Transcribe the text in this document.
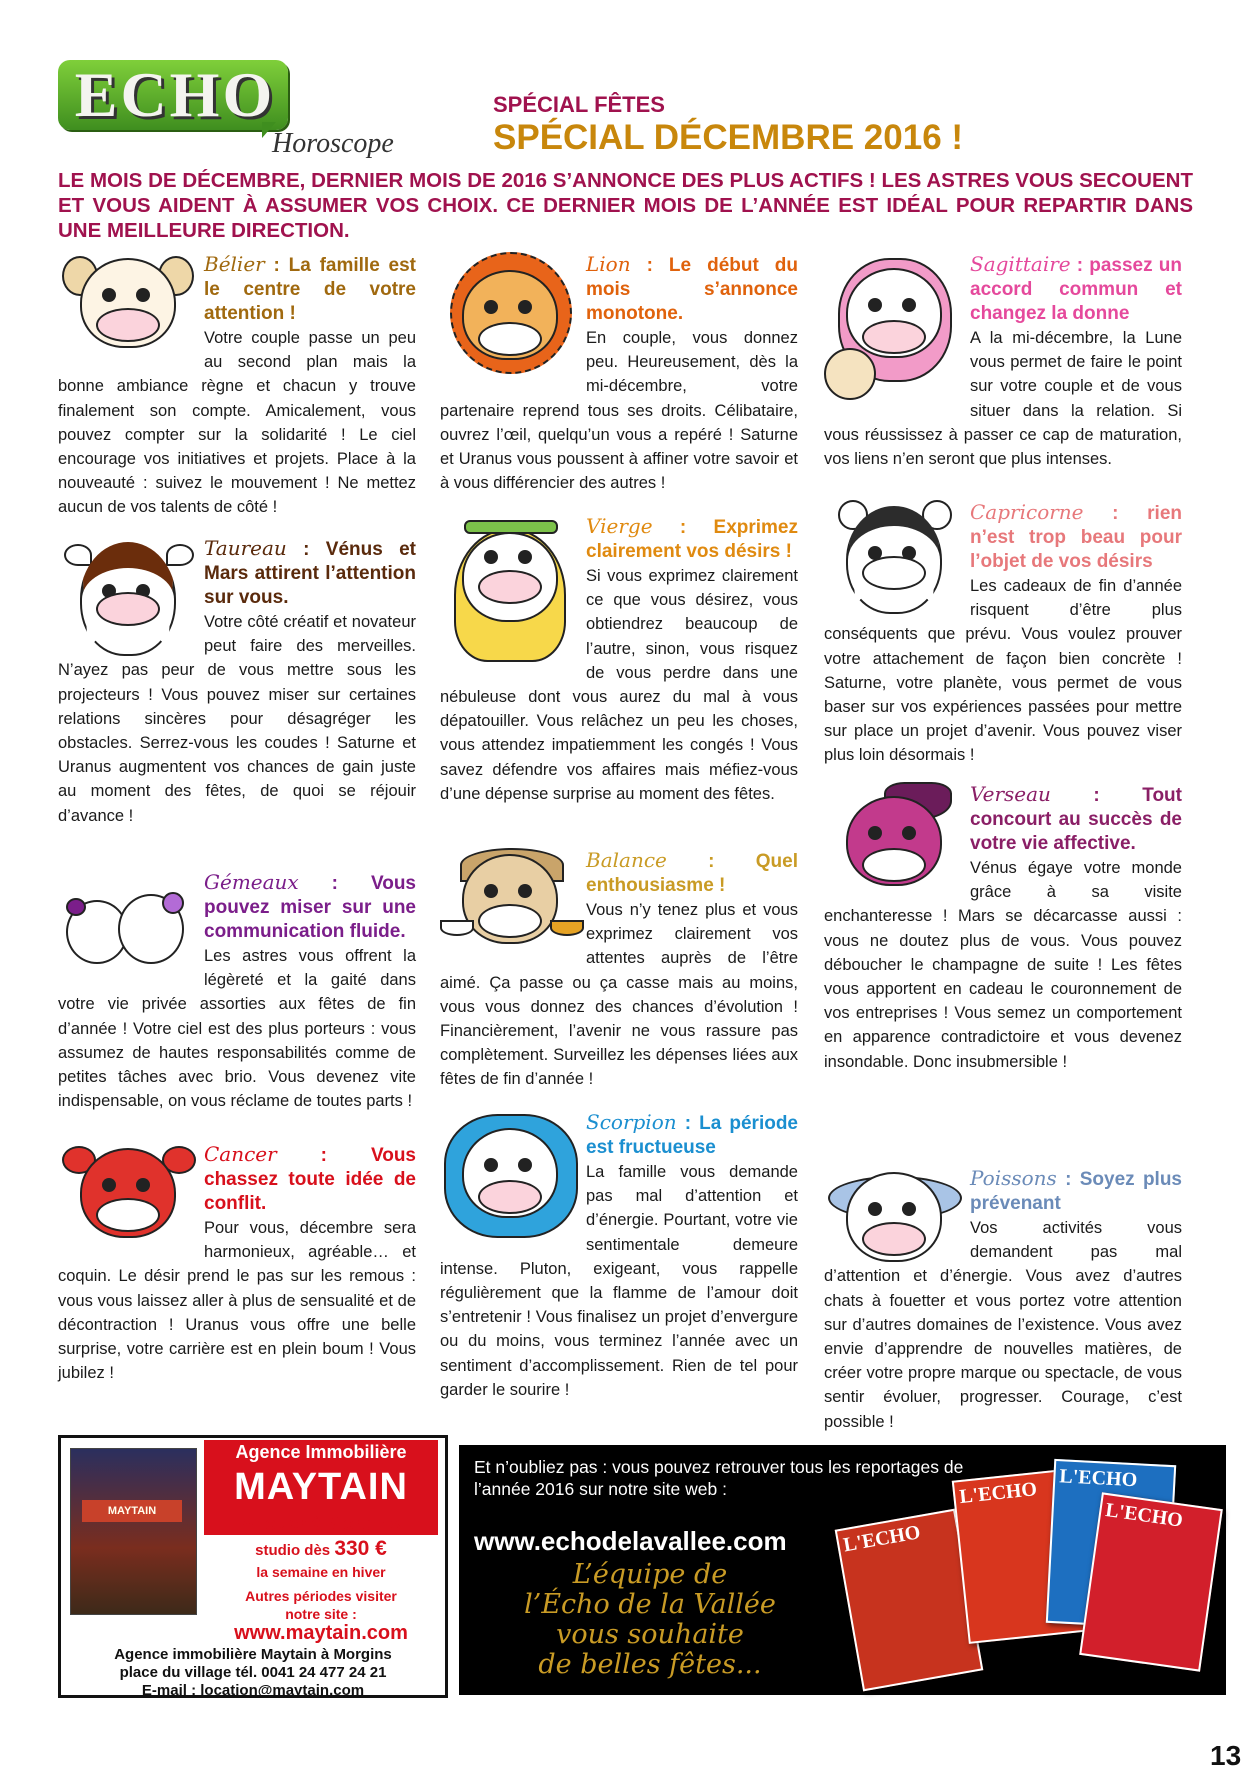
ECHO
Horoscope
SPÉCIAL FÊTES
SPÉCIAL DÉCEMBRE 2016 !
LE MOIS DE DÉCEMBRE, DERNIER MOIS DE 2016 S’ANNONCE DES PLUS ACTIFS ! LES ASTRES VOUS SECOUENT ET VOUS AIDENT À ASSUMER VOS CHOIX. CE DERNIER MOIS DE L’ANNÉE EST IDÉAL POUR REPARTIR DANS UNE MEILLEURE DIRECTION.

Bélier : La famille est le centre de votre attention !

Votre couple passe un peu au second plan mais la bonne ambiance règne et chacun y trouve finalement son compte. Amicalement, vous pouvez compter sur la solidarité ! Le ciel encourage vos initiatives et projets. Place à la nouveauté : suivez le mouvement ! Ne mettez aucun de vos talents de côté !

Taureau : Vénus et Mars attirent l’attention sur vous.

Votre côté créatif et novateur peut faire des merveilles. N’ayez pas peur de vous mettre sous les projecteurs ! Vous pouvez miser sur certaines relations sincères pour désagréger les obstacles. Serrez-vous les coudes ! Saturne et Uranus augmentent vos chances de gain juste au moment des fêtes, de quoi se réjouir d’avance !

Gémeaux : Vous pouvez miser sur une communication fluide.

Les astres vous offrent la légèreté et la gaité dans votre vie privée assorties aux fêtes de fin d’année ! Votre ciel est des plus porteurs : vous assumez de hautes responsabilités comme de petites tâches avec brio. Vous devenez vite indispensable, on vous réclame de toutes parts !

Cancer : Vous chassez toute idée de conflit.

Pour vous, décembre sera harmonieux, agréable… et coquin. Le désir prend le pas sur les remous : vous vous laissez aller à plus de sensualité et de décontraction ! Uranus vous offre une belle surprise, votre carrière est en plein boum ! Vous jubilez !

Lion : Le début du mois s’annonce monotone.

En couple, vous donnez peu. Heureusement, dès la mi-décembre, votre partenaire reprend tous ses droits. Célibataire, ouvrez l’œil, quelqu’un vous a repéré ! Saturne et Uranus vous poussent à affiner votre savoir et à vous différencier des autres !

Vierge : Exprimez clairement vos désirs !

Si vous exprimez clairement ce que vous désirez, vous obtiendrez beaucoup de l’autre, sinon, vous risquez de vous perdre dans une nébuleuse dont vous aurez du mal à vous dépatouiller. Vous relâchez un peu les choses, vous attendez impatiemment les congés ! Vous savez défendre vos affaires mais méfiez-vous d’une dépense surprise au moment des fêtes.

Balance : Quel enthousiasme !

Vous n’y tenez plus et vous exprimez clairement vos attentes auprès de l’être aimé. Ça passe ou ça casse mais au moins, vous vous donnez des chances d’évolution ! Financièrement, l’avenir ne vous rassure pas complètement. Surveillez les dépenses liées aux fêtes de fin d’année !

Scorpion : La période est fructueuse

La famille vous demande pas mal d’attention et d’énergie. Pourtant, votre vie sentimentale demeure intense. Pluton, exigeant, vous rappelle régulièrement que la flamme de l’amour doit s’entretenir ! Vous finalisez un projet d’envergure ou du moins, vous terminez l’année avec un sentiment d’accomplissement. Rien de tel pour garder le sourire !

Sagittaire : passez un accord commun et changez la donne

A la mi-décembre, la Lune vous permet de faire le point sur votre couple et de vous situer dans la relation. Si vous réussissez à passer ce cap de maturation, vos liens n’en seront que plus intenses.

Capricorne : rien n’est trop beau pour l’objet de vos désirs

Les cadeaux de fin d’année risquent d’être plus conséquents que prévu. Vous voulez prouver votre attachement de façon bien concrète ! Saturne, votre planète, vous permet de vous baser sur vos expériences passées pour mettre sur place un projet d’avenir. Vous pouvez viser plus loin désormais !

Verseau : Tout concourt au succès de votre vie affective.

Vénus égaye votre monde grâce à sa visite enchanteresse ! Mars se décarcasse aussi : vous ne doutez plus de vous. Vous pouvez déboucher le champagne de suite ! Les fêtes vous apportent en cadeau le couronnement de vos entreprises ! Vous semez un comportement en apparence contradictoire et vous devenez insondable. Donc insubmersible !

Poissons : Soyez plus prévenant

Vos activités vous demandent pas mal d’attention et d’énergie. Vous avez d’autres chats à fouetter et vous portez votre attention sur d’autres domaines de l’existence. Vous avez envie d’apprendre de nouvelles matières, de créer votre propre marque ou spectacle, de vous sentir évoluer, progresser. Courage, c’est possible !

MAYTAIN
Agence Immobilière
MAYTAIN
A louer à Morgins
studio dès 330 €
la semaine en hiver
Autres périodes visiter
notre site :
www.maytain.com
Agence immobilière Maytain à Morgins
place du village tél. 0041 24 477 24 21
E-mail : location@maytain.com
Et n’oubliez pas : vous pouvez retrouver tous les reportages de l’année 2016 sur notre site web :
www.echodelavallee.com
L’équipe de
l’Écho de la Vallée
vous souhaite
de belles fêtes...
L'ECHO
L'ECHO	L'ECHO
L'ECHO
13
